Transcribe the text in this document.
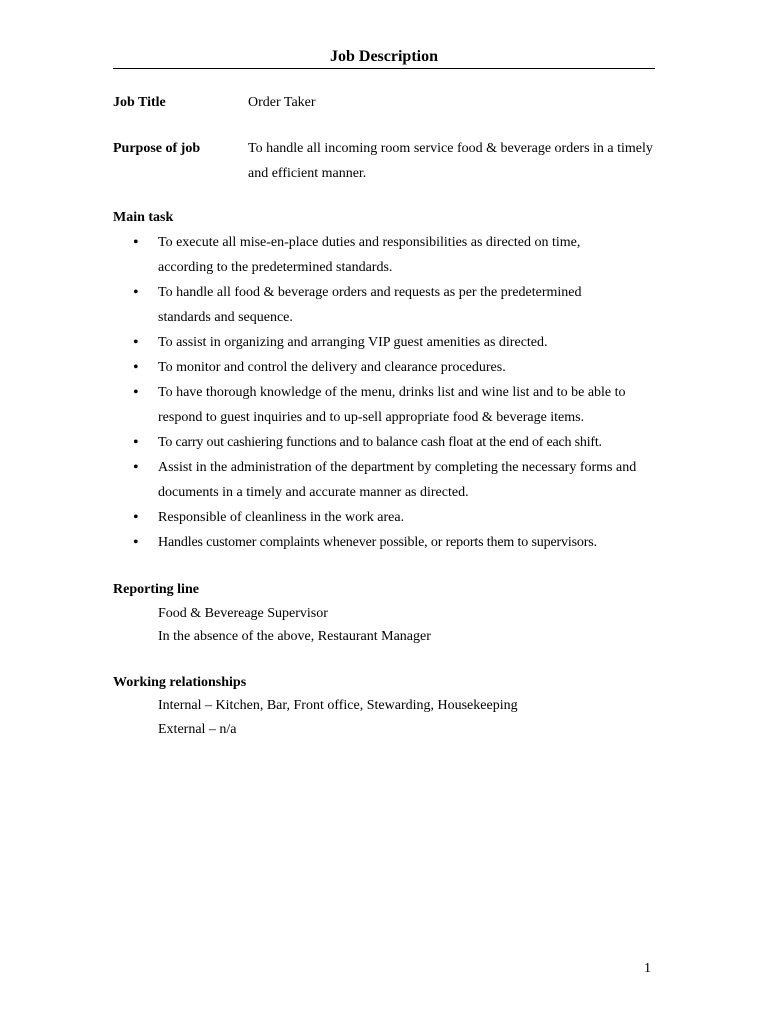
Job Description
Job Title	Order Taker
Purpose of job	To handle all incoming room service food & beverage orders in a timely and efficient manner.
Main task
• To execute all mise-en-place duties and responsibilities as directed on time, according to the predetermined standards.
• To handle all food & beverage orders and requests as per the predetermined standards and sequence.
• To assist in organizing and arranging VIP guest amenities as directed.
• To monitor and control the delivery and clearance procedures.
• To have thorough knowledge of the menu, drinks list and wine list and to be able to respond to guest inquiries and to up-sell appropriate food & beverage items.
• To carry out cashiering functions and to balance cash float at the end of each shift.
• Assist in the administration of the department by completing the necessary forms and documents in a timely and accurate manner as directed.
• Responsible of cleanliness in the work area.
• Handles customer complaints whenever possible, or reports them to supervisors.
Reporting line
Food & Bevereage Supervisor
In the absence of the above, Restaurant Manager
Working relationships
Internal – Kitchen, Bar, Front office, Stewarding, Housekeeping
External – n/a
1
